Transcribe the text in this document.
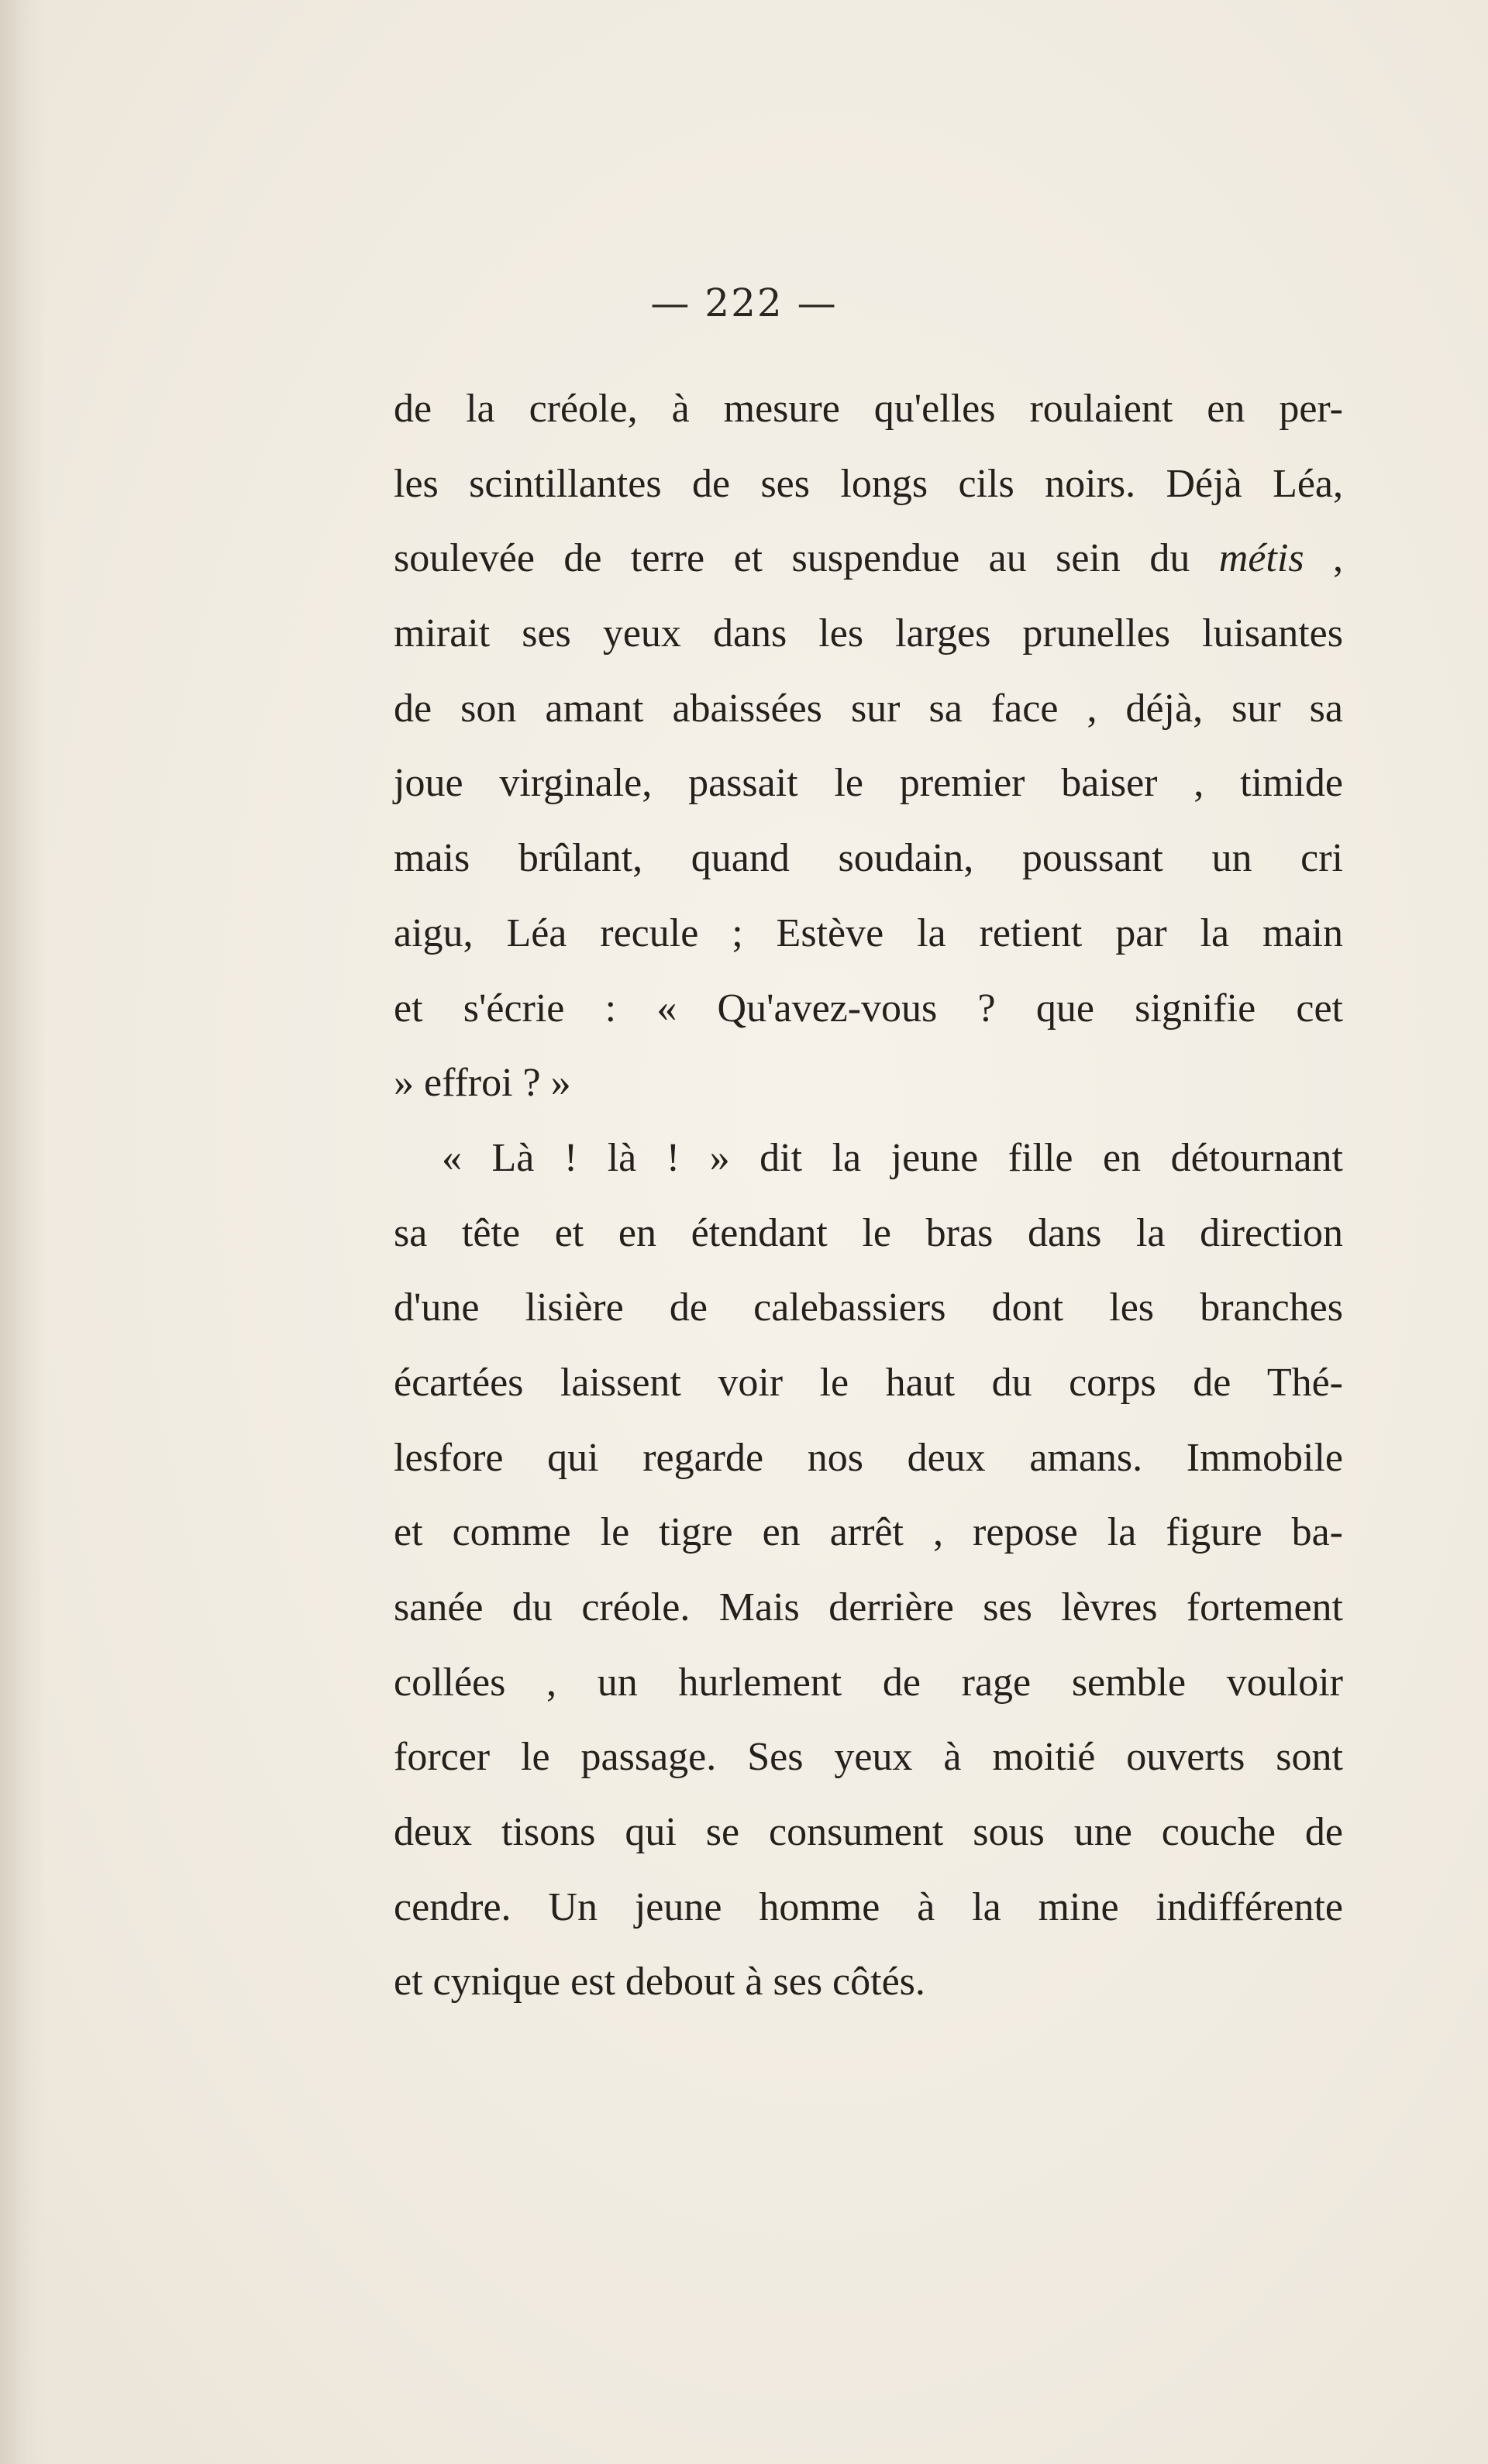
— 222 —
de la créole, à mesure qu'elles roulaient en per-
les scintillantes de ses longs cils noirs. Déjà Léa,
soulevée de terre et suspendue au sein du métis ,
mirait ses yeux dans les larges prunelles luisantes
de son amant abaissées sur sa face , déjà, sur sa
joue virginale, passait le premier baiser , timide
mais brûlant, quand soudain, poussant un cri
aigu, Léa recule ; Estève la retient par la main
et s'écrie : « Qu'avez-vous ? que signifie cet
» effroi ? »
« Là ! là ! » dit la jeune fille en détournant
sa tête et en étendant le bras dans la direction
d'une lisière de calebassiers dont les branches
écartées laissent voir le haut du corps de Thé-
lesfore qui regarde nos deux amans. Immobile
et comme le tigre en arrêt , repose la figure ba-
sanée du créole. Mais derrière ses lèvres fortement
collées , un hurlement de rage semble vouloir
forcer le passage. Ses yeux à moitié ouverts sont
deux tisons qui se consument sous une couche de
cendre. Un jeune homme à la mine indifférente
et cynique est debout à ses côtés.
